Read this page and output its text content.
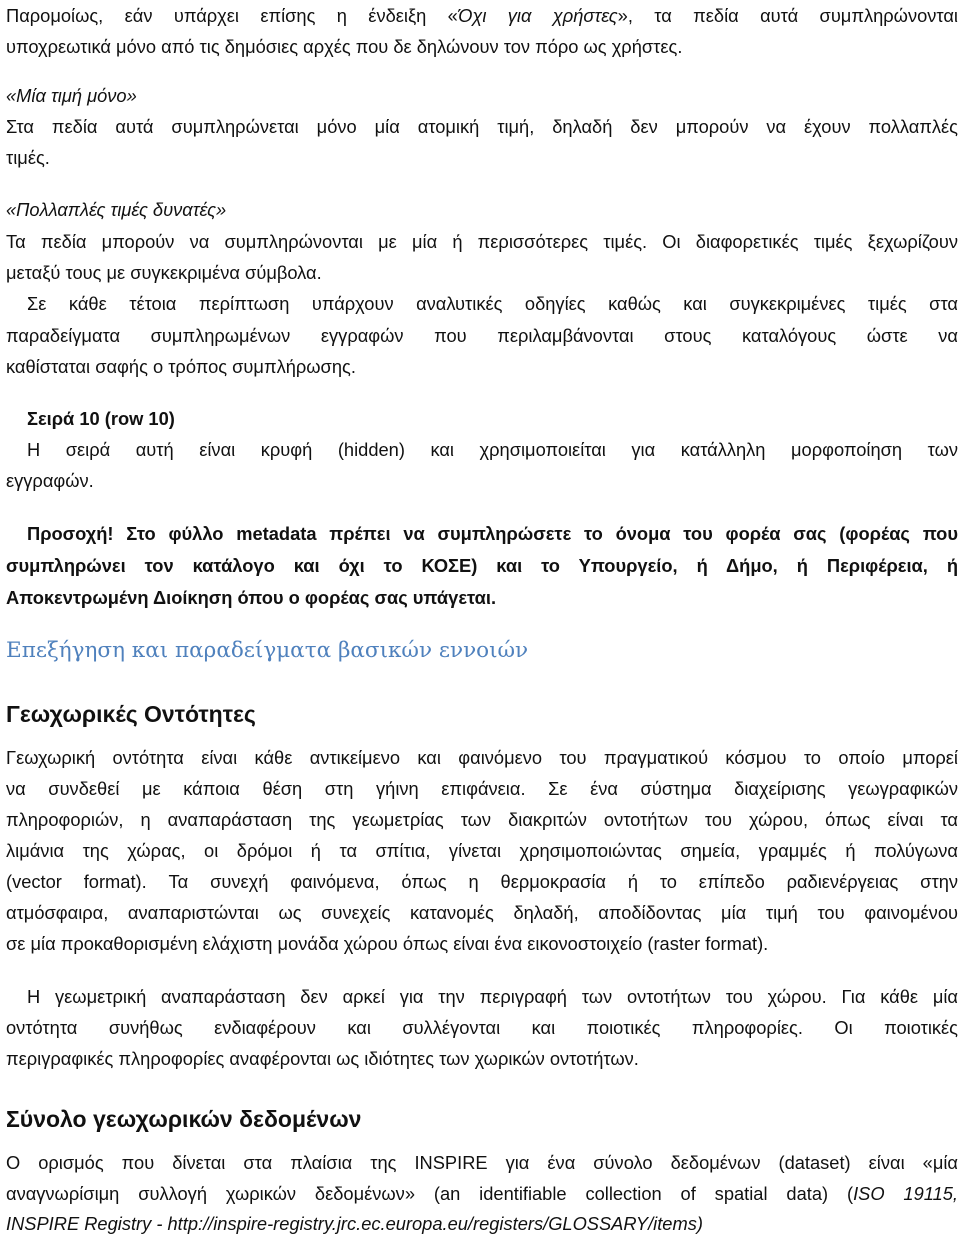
Παρομοίως, εάν υπάρχει επίσης η ένδειξη «Όχι για χρήστες», τα πεδία αυτά συμπληρώνονται
υποχρεωτικά μόνο από τις δημόσιες αρχές που δε δηλώνουν τον πόρο ως χρήστες.
«Μία τιμή μόνο»
Στα πεδία αυτά συμπληρώνεται μόνο μία ατομική τιμή, δηλαδή δεν μπορούν να έχουν πολλαπλές
τιμές.
«Πολλαπλές τιμές δυνατές»
Τα πεδία μπορούν να συμπληρώνονται με μία ή περισσότερες τιμές. Οι διαφορετικές τιμές ξεχωρίζουν
μεταξύ τους με συγκεκριμένα σύμβολα.
Σε κάθε τέτοια περίπτωση υπάρχουν αναλυτικές οδηγίες καθώς και συγκεκριμένες τιμές στα
παραδείγματα συμπληρωμένων εγγραφών που περιλαμβάνονται στους καταλόγους ώστε να
καθίσταται σαφής ο τρόπος συμπλήρωσης.
Σειρά 10 (row 10)
Η σειρά αυτή είναι κρυφή (hidden) και χρησιμοποιείται για κατάλληλη μορφοποίηση των
εγγραφών.
Προσοχή! Στο φύλλο metadata πρέπει να συμπληρώσετε το όνομα του φορέα σας (φορέας που
συμπληρώνει τον κατάλογο και όχι το ΚΟΣΕ) και το Υπουργείο, ή Δήμο, ή Περιφέρεια, ή
Αποκεντρωμένη Διοίκηση όπου ο φορέας σας υπάγεται.
Επεξήγηση και παραδείγματα βασικών εννοιών
Γεωχωρικές Οντότητες
Γεωχωρική οντότητα είναι κάθε αντικείμενο και φαινόμενο του πραγματικού κόσμου το οποίο μπορεί
να συνδεθεί με κάποια θέση στη γήινη επιφάνεια. Σε ένα σύστημα διαχείρισης γεωγραφικών
πληροφοριών, η αναπαράσταση της γεωμετρίας των διακριτών οντοτήτων του χώρου, όπως είναι τα
λιμάνια της χώρας, οι δρόμοι ή τα σπίτια, γίνεται χρησιμοποιώντας σημεία, γραμμές ή πολύγωνα
(vector format). Τα συνεχή φαινόμενα, όπως η θερμοκρασία ή το επίπεδο ραδιενέργειας στην
ατμόσφαιρα, αναπαριστώνται ως συνεχείς κατανομές δηλαδή, αποδίδοντας μία τιμή του φαινομένου
σε μία προκαθορισμένη ελάχιστη μονάδα χώρου όπως είναι ένα εικονοστοιχείο (raster format).
Η γεωμετρική αναπαράσταση δεν αρκεί για την περιγραφή των οντοτήτων του χώρου. Για κάθε μία
οντότητα συνήθως ενδιαφέρουν και συλλέγονται και ποιοτικές πληροφορίες. Οι ποιοτικές
περιγραφικές πληροφορίες αναφέρονται ως ιδιότητες των χωρικών οντοτήτων.
Σύνολο γεωχωρικών δεδομένων
Ο ορισμός που δίνεται στα πλαίσια της INSPIRE για ένα σύνολο δεδομένων (dataset) είναι «μία
αναγνωρίσιμη συλλογή χωρικών δεδομένων» (an identifiable collection of spatial data) (ISO 19115,
INSPIRE Registry - http://inspire-registry.jrc.ec.europa.eu/registers/GLOSSARY/items)
